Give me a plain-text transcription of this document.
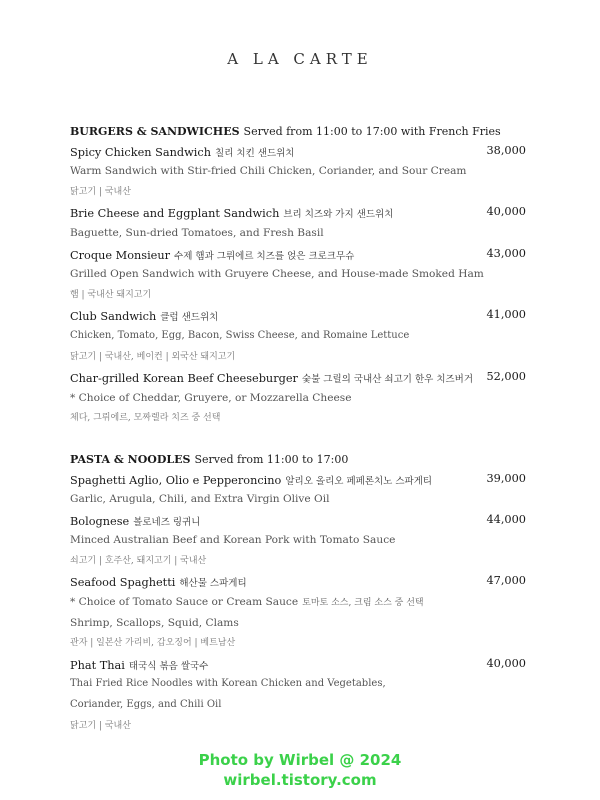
A LA CARTE
BURGERS & SANDWICHES Served from 11:00 to 17:00 with French Fries
Spicy Chicken Sandwich 칠리 치킨 샌드위치	38,000
Warm Sandwich with Stir-fried Chili Chicken, Coriander, and Sour Cream
닭고기 | 국내산
Brie Cheese and Eggplant Sandwich 브리 치즈와 가지 샌드위치	40,000
Baguette, Sun-dried Tomatoes, and Fresh Basil
Croque Monsieur 수제 햄과 그뤼에르 치즈를 얹은 크로크무슈	43,000
Grilled Open Sandwich with Gruyere Cheese, and House-made Smoked Ham
햄 | 국내산 돼지고기
Club Sandwich 클럽 샌드위치	41,000
Chicken, Tomato, Egg, Bacon, Swiss Cheese, and Romaine Lettuce
닭고기 | 국내산, 베이컨 | 외국산 돼지고기
Char-grilled Korean Beef Cheeseburger 숯불 그릴의 국내산 쇠고기 한우 치즈버거 52,000
* Choice of Cheddar, Gruyere, or Mozzarella Cheese
체다, 그뤼에르, 모짜렐라 치즈 중 선택
PASTA & NOODLES Served from 11:00 to 17:00
Spaghetti Aglio, Olio e Pepperoncino 알리오 올리오 페페론치노 스파게티	39,000
Garlic, Arugula, Chili, and Extra Virgin Olive Oil
Bolognese 볼로네즈 링귀니	44,000
Minced Australian Beef and Korean Pork with Tomato Sauce
쇠고기 | 호주산, 돼지고기 | 국내산
Seafood Spaghetti 해산물 스파게티	47,000
* Choice of Tomato Sauce or Cream Sauce 토마토 소스, 크림 소스 중 선택
Shrimp, Scallops, Squid, Clams
관자 | 일본산 가리비, 갑오징어 | 베트남산
Phat Thai 태국식 볶음 쌀국수	40,000
Thai Fried Rice Noodles with Korean Chicken and Vegetables,
Coriander, Eggs, and Chili Oil
닭고기 | 국내산
Photo by Wirbel @ 2024
wirbel.tistory.com
